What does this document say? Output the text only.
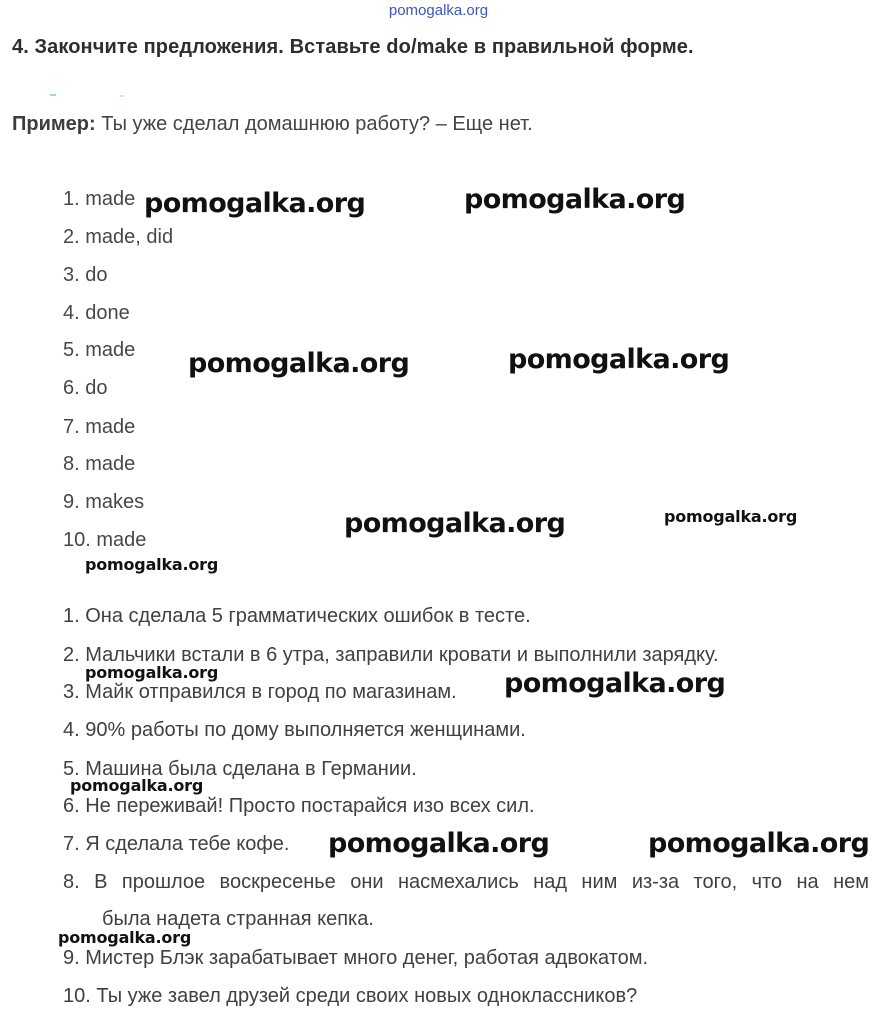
pomogalka.org
4. Закончите предложения. Вставьте do/make в правильной форме.
Пример: Ты уже сделал домашнюю работу? – Еще нет.
1. made
2. made, did
3. do
4. done
5. made
6. do
7. made
8. made
9. makes
10. made
1. Она сделала 5 грамматических ошибок в тесте.
2. Мальчики встали в 6 утра, заправили кровати и выполнили зарядку.
3. Майк отправился в город по магазинам.
4. 90% работы по дому выполняется женщинами.
5. Машина была сделана в Германии.
6. Не переживай! Просто постарайся изо всех сил.
7. Я сделала тебе кофе.
8. В прошлое воскресенье они насмехались над ним из-за того, что на нем
была надета странная кепка.
9. Мистер Блэк зарабатывает много денег, работая адвокатом.
10. Ты уже завел друзей среди своих новых одноклассников?
pomogalka.org	pomogalka.org
pomogalka.org	pomogalka.org
pomogalka.org	pomogalka.org
pomogalka.org
pomogalka.org	pomogalka.org
pomogalka.org
pomogalka.org	pomogalka.org
pomogalka.org
